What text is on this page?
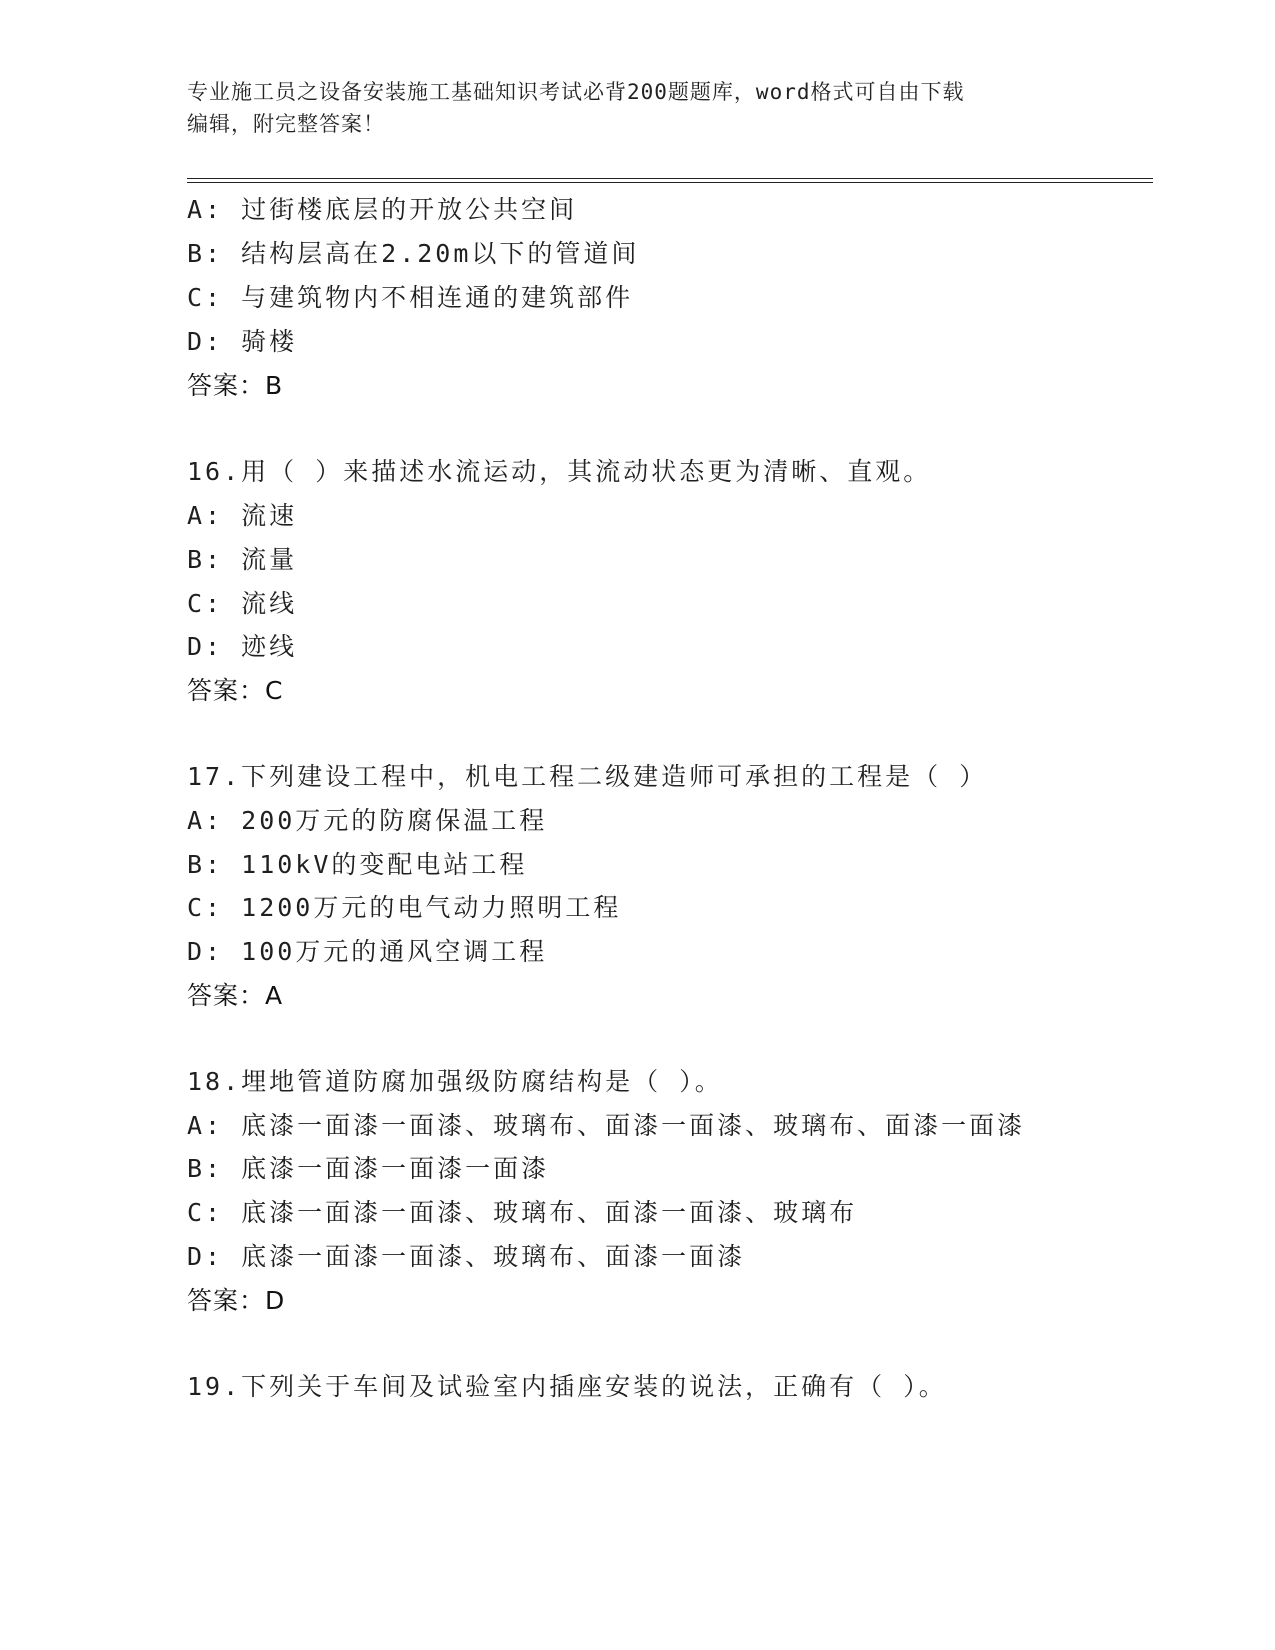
专业施工员之设备安装施工基础知识考试必背200题题库，word格式可自由下载
编辑，附完整答案！
A: 过街楼底层的开放公共空间
B: 结构层高在2.20m以下的管道间
C: 与建筑物内不相连通的建筑部件
D: 骑楼
答案：B
16.用（ ）来描述水流运动，其流动状态更为清晰、直观。
A: 流速
B: 流量
C: 流线
D: 迹线
答案：C
17.下列建设工程中，机电工程二级建造师可承担的工程是（ ）
A: 200万元的防腐保温工程
B: 110kV的变配电站工程
C: 1200万元的电气动力照明工程
D: 100万元的通风空调工程
答案：A
18.埋地管道防腐加强级防腐结构是（ ）。
A: 底漆一面漆一面漆、玻璃布、面漆一面漆、玻璃布、面漆一面漆
B: 底漆一面漆一面漆一面漆
C: 底漆一面漆一面漆、玻璃布、面漆一面漆、玻璃布
D: 底漆一面漆一面漆、玻璃布、面漆一面漆
答案：D
19.下列关于车间及试验室内插座安装的说法，正确有（ ）。
